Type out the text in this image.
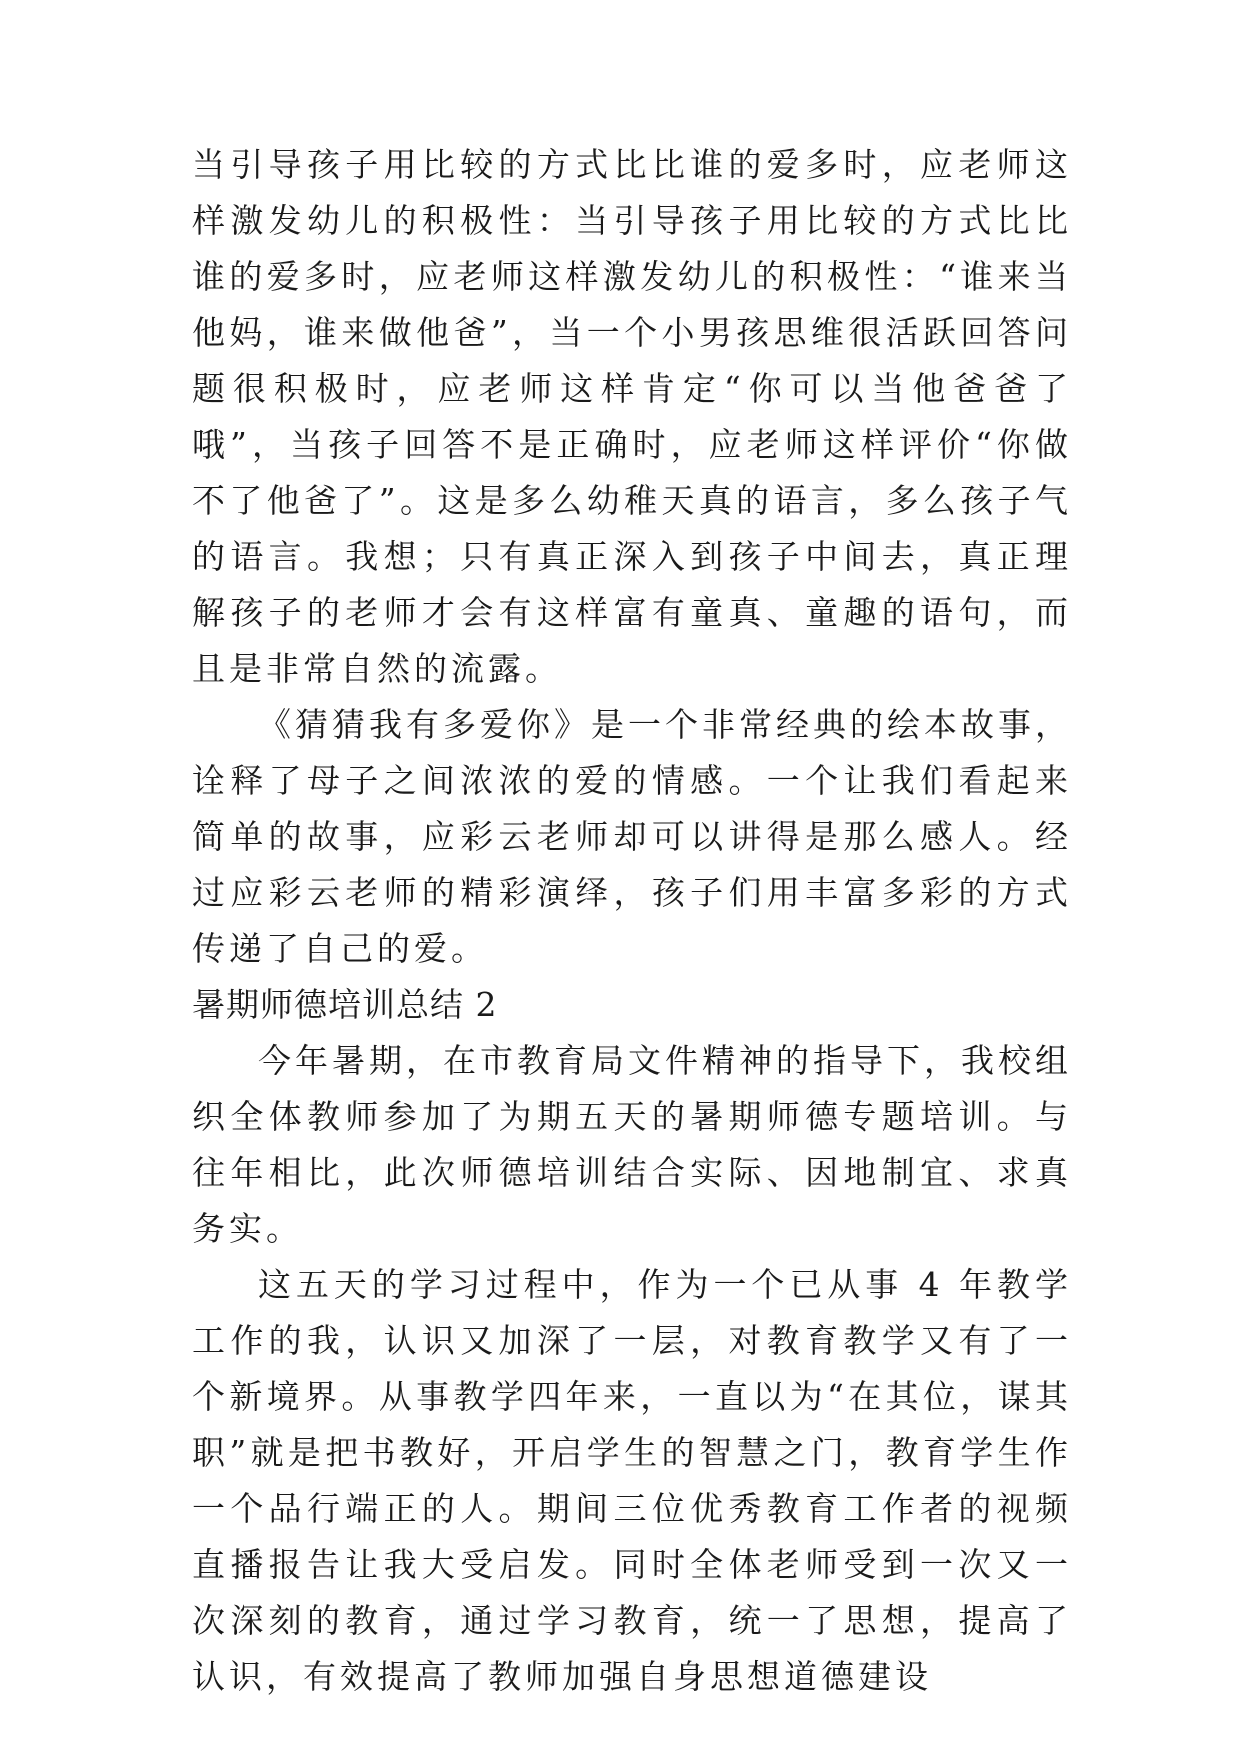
当引导孩子用比较的方式比比谁的爱多时，应老师这样激发幼儿的积极性：当引导孩子用比较的方式比比谁的爱多时，应老师这样激发幼儿的积极性：“谁来当他妈，谁来做他爸”，当一个小男孩思维很活跃回答问题很积极时，应老师这样肯定“你可以当他爸爸了哦”，当孩子回答不是正确时，应老师这样评价“你做不了他爸了”。这是多么幼稚天真的语言，多么孩子气的语言。我想；只有真正深入到孩子中间去，真正理解孩子的老师才会有这样富有童真、童趣的语句，而且是非常自然的流露。

《猜猜我有多爱你》是一个非常经典的绘本故事，诠释了母子之间浓浓的爱的情感。一个让我们看起来简单的故事，应彩云老师却可以讲得是那么感人。经过应彩云老师的精彩演绎，孩子们用丰富多彩的方式传递了自己的爱。

暑期师德培训总结 2

今年暑期，在市教育局文件精神的指导下，我校组织全体教师参加了为期五天的暑期师德专题培训。与往年相比，此次师德培训结合实际、因地制宜、求真务实。

这五天的学习过程中，作为一个已从事 4 年教学工作的我，认识又加深了一层，对教育教学又有了一个新境界。从事教学四年来，一直以为“在其位，谋其职”就是把书教好，开启学生的智慧之门，教育学生作一个品行端正的人。期间三位优秀教育工作者的视频直播报告让我大受启发。同时全体老师受到一次又一次深刻的教育，通过学习教育，统一了思想，提高了认识，有效提高了教师加强自身思想道德建设
